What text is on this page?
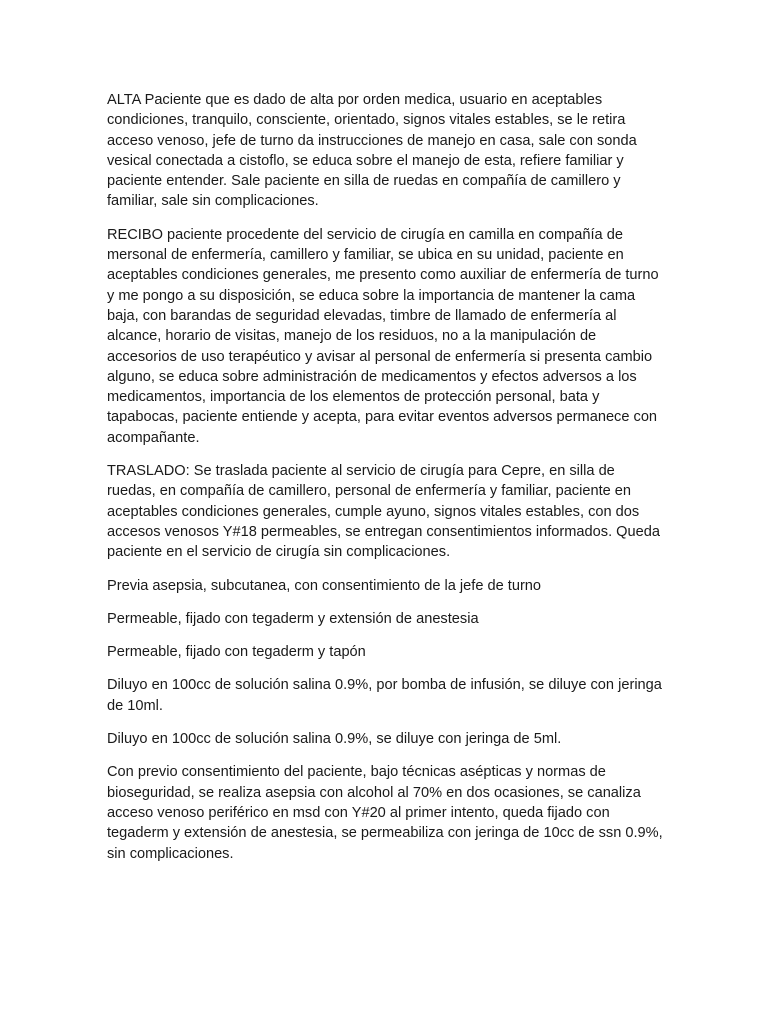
ALTA Paciente que es dado de alta por orden medica, usuario en aceptables condiciones, tranquilo, consciente, orientado, signos vitales estables, se le retira acceso venoso, jefe de turno da instrucciones de manejo en casa, sale con sonda vesical conectada a cistoflo, se educa sobre el manejo de esta, refiere familiar y paciente entender. Sale paciente en silla de ruedas en compañía de camillero y familiar, sale sin complicaciones.

RECIBO paciente procedente del servicio de cirugía en camilla en compañía de mersonal de enfermería, camillero y familiar, se ubica en su unidad, paciente en aceptables condiciones generales, me presento como auxiliar de enfermería de turno y me pongo a su disposición, se educa sobre la importancia de mantener la cama baja, con barandas de seguridad elevadas, timbre de llamado de enfermería al alcance, horario de visitas, manejo de los residuos, no a la manipulación de accesorios de uso terapéutico y avisar al personal de enfermería si presenta cambio alguno, se educa sobre administración de medicamentos y efectos adversos a los medicamentos, importancia de los elementos de protección personal, bata y tapabocas, paciente entiende y acepta, para evitar eventos adversos permanece con acompañante.

TRASLADO: Se traslada paciente al servicio de cirugía para Cepre, en silla de ruedas, en compañía de camillero, personal de enfermería y familiar, paciente en aceptables condiciones generales, cumple ayuno, signos vitales estables, con dos accesos venosos Y#18 permeables, se entregan consentimientos informados. Queda paciente en el servicio de cirugía sin complicaciones.

Previa asepsia, subcutanea, con consentimiento de la jefe de turno

Permeable, fijado con tegaderm y extensión de anestesia

Permeable, fijado con tegaderm y tapón

Diluyo en 100cc de solución salina 0.9%, por bomba de infusión, se diluye con jeringa de 10ml.

Diluyo en 100cc de solución salina 0.9%, se diluye con jeringa de 5ml.

Con previo consentimiento del paciente, bajo técnicas asépticas y normas de bioseguridad, se realiza asepsia con alcohol al 70% en dos ocasiones, se canaliza acceso venoso periférico en msd con Y#20 al primer intento, queda fijado con tegaderm y extensión de anestesia, se permeabiliza con jeringa de 10cc de ssn 0.9%, sin complicaciones.
